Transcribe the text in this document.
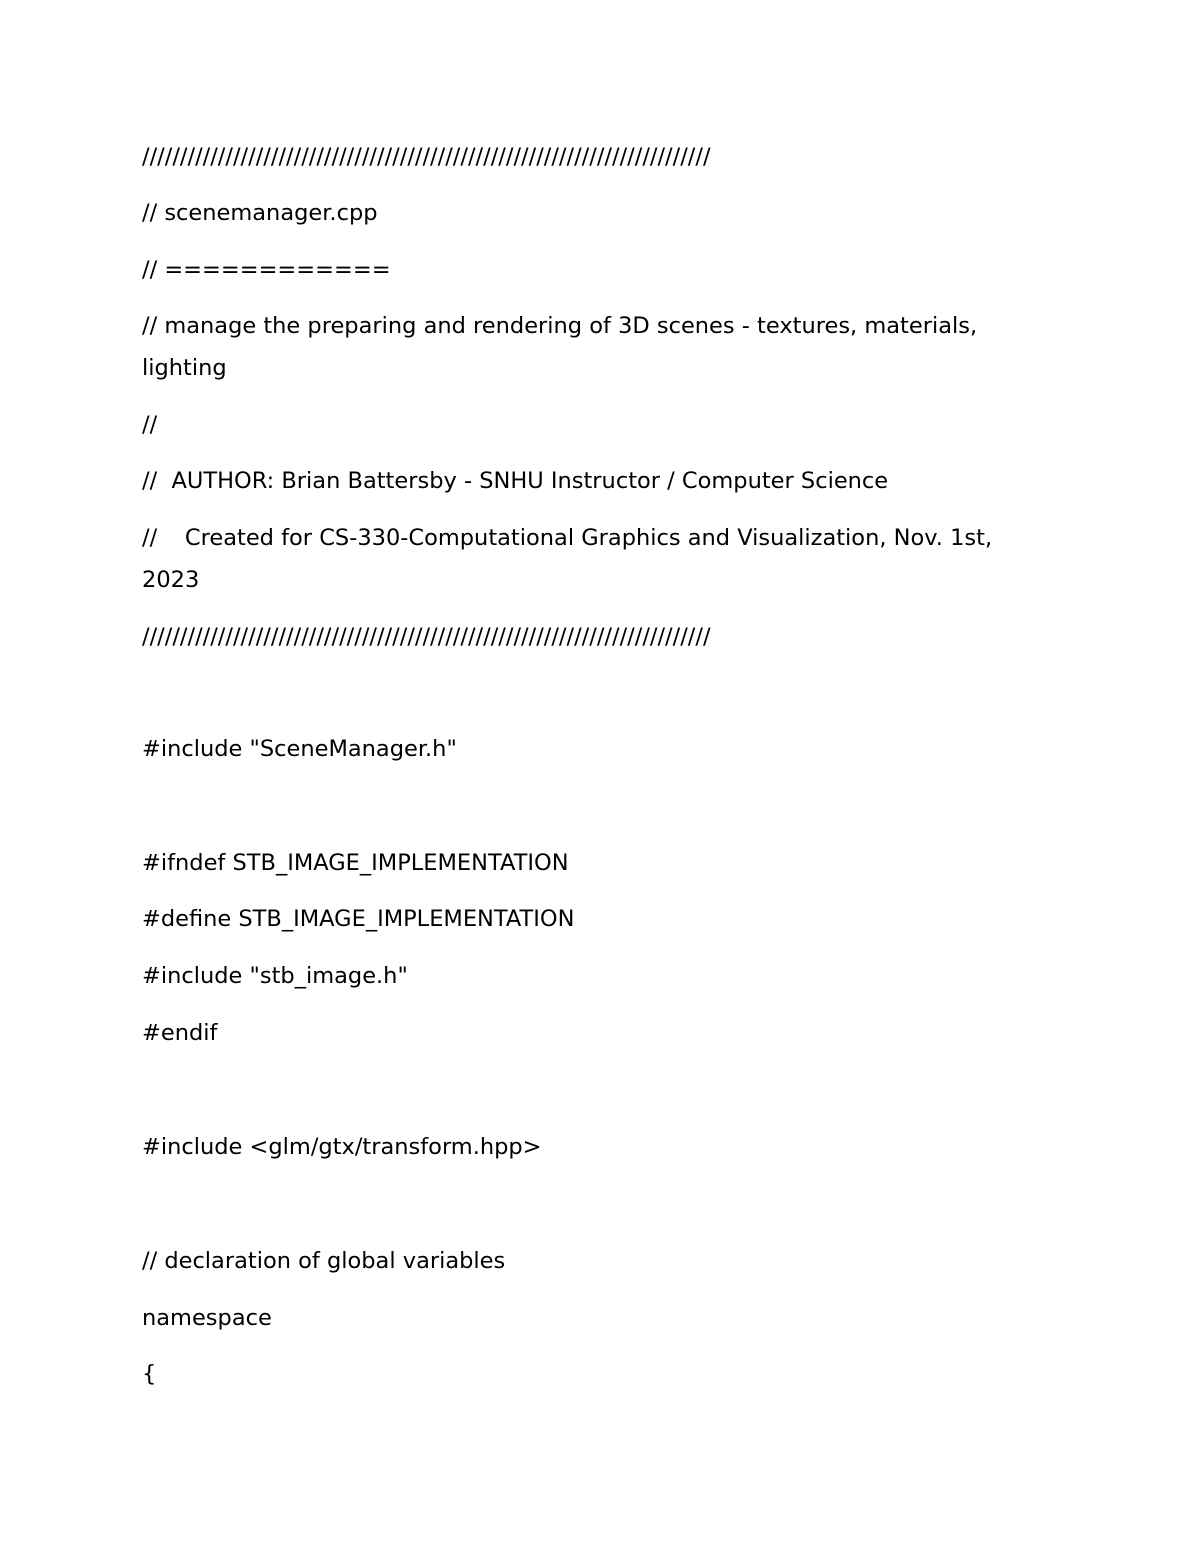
///////////////////////////////////////////////////////////////////////////
// scenemanager.cpp
// ============
// manage the preparing and rendering of 3D scenes - textures, materials,
lighting
//
//  AUTHOR: Brian Battersby - SNHU Instructor / Computer Science
//	Created for CS-330-Computational Graphics and Visualization, Nov. 1st,
2023
///////////////////////////////////////////////////////////////////////////
#include "SceneManager.h"
#ifndef STB_IMAGE_IMPLEMENTATION
#define STB_IMAGE_IMPLEMENTATION
#include "stb_image.h"
#endif
#include <glm/gtx/transform.hpp>
// declaration of global variables
namespace
{
